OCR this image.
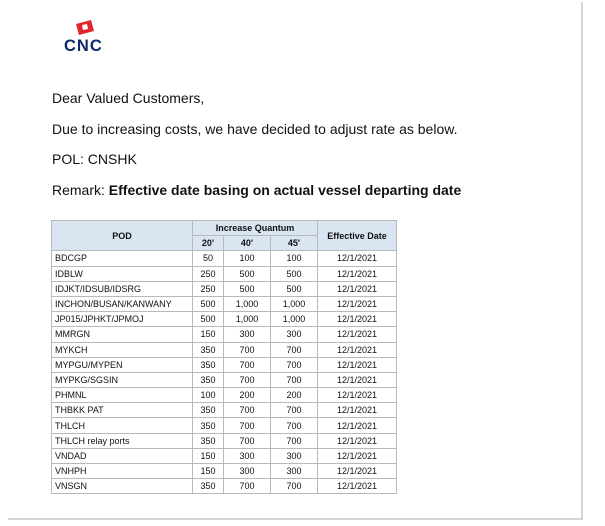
CNC

Dear Valued Customers,

Due to increasing costs, we have decided to adjust rate as below.

POL: CNSHK

Remark: Effective date basing on actual vessel departing date

POD	Increase Quantum			Effective Date
	20'	40'	45'	
BDCGP	50	100	100	12/1/2021
IDBLW	250	500	500	12/1/2021
IDJKT/IDSUB/IDSRG	250	500	500	12/1/2021
INCHON/BUSAN/KANWANY	500	1,000	1,000	12/1/2021
JP015/JPHKT/JPMOJ	500	1,000	1,000	12/1/2021
MMRGN	150	300	300	12/1/2021
MYKCH	350	700	700	12/1/2021
MYPGU/MYPEN	350	700	700	12/1/2021
MYPKG/SGSIN	350	700	700	12/1/2021
PHMNL	100	200	200	12/1/2021
THBKK PAT	350	700	700	12/1/2021
THLCH	350	700	700	12/1/2021
THLCH relay ports	350	700	700	12/1/2021
VNDAD	150	300	300	12/1/2021
VNHPH	150	300	300	12/1/2021
VNSGN	350	700	700	12/1/2021
